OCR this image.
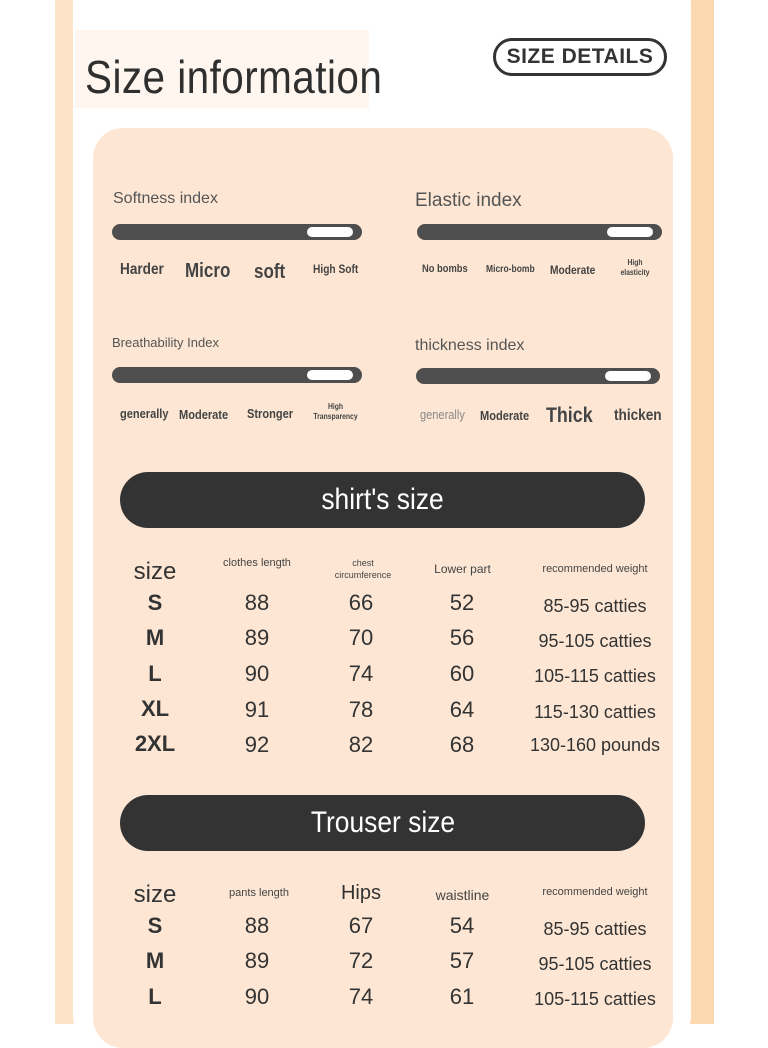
Size information	SIZE DETAILS
Softness index
Harder Micro soft High Soft
Elastic index
No bombs Micro-bomb Moderate
High elasticity
Breathability Index
generally Moderate Stronger	High Transparency
thickness index
generally Moderate Thick thicken
shirt's size
size	clothes length	chest circumference	Lower part	recommended weight
S	88	66	52	85-95 catties
M	89	70	56	95-105 catties
L	90	74	60	105-115 catties
XL	91	78	64	115-130 catties
2XL	92	82	68	130-160 pounds
Trouser size
size	pants length	Hips	waistline	recommended weight
S	88	67	54	85-95 catties
M	89	72	57	95-105 catties
L	90	74	61	105-115 catties
